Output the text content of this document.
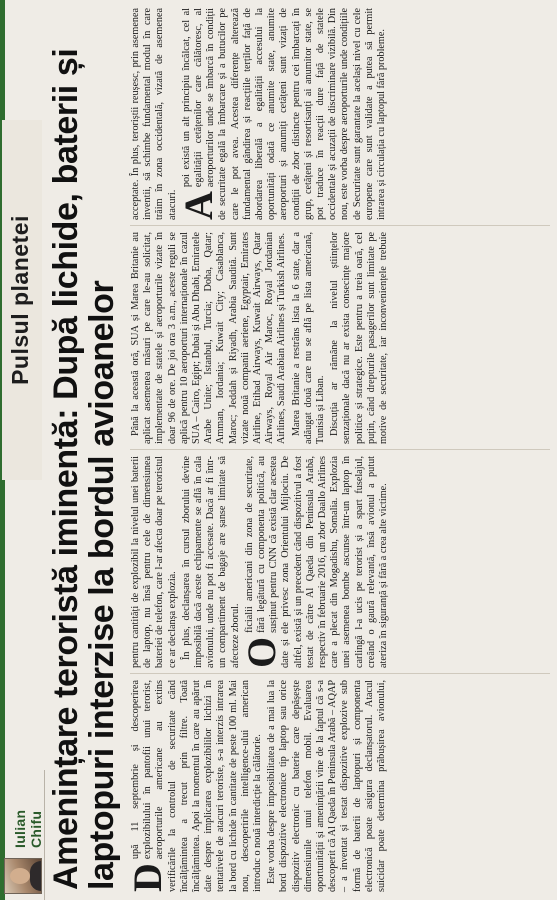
Iulian Chifu
Pulsul planetei Amenințare teroristă iminentă: După lichide, baterii și laptopuri interzise la bordul avioanelor D
upă 11 septembrie și descoperirea explozibilului în pantofii unui terorist, aeroporturile americane au extins verificările la controlul de securitate când încălțămintea a trecut prin filtre. Toată încălțămintea. Apoi la momentul în care au apărut date despre implicarea explozibililor lichizi în tentativele de atacuri teroriste, s-a interzis intrarea la bord cu lichide în cantitate de peste 100 ml. Mai nou, descoperirile intelligence-ului american introduc o nouă interdicție la călătorie. Este vorba despre imposibilitatea de a mai lua la bord dispozitive electronice tip laptop sau orice dispozitiv electronic cu baterie care depășește dimensiunile unui telefon mobil. Evaluarea oportunității și amenințării vine de la faptul că s-a descoperit că Al Qaeda în Peninsula Arabă – AQAP – a inventat și testat dispozitive explozive sub formă de baterii de laptopuri și componenta electronică poate asigura declanșatorul. Atacul suicidar poate determina prăbușirea avionului, pentru cantități de explozibil la nivelul unei baterii de laptop, nu însă pentru cele de dimensiunea bateriei de telefon, care l-ar afecta doar pe teroristul ce ar declanșa explozia. În plus, declanșarea în cursul zborului devine imposibilă dacă aceste echipamente se află în cala avionului, unde nu pot fi accesate. Dacă ar fi într-un compartiment de bagaje are șanse limitate să afecteze zborul.

O
ficialii americani din zona de securitate, fără legătură cu componenta politică, au susținut pentru CNN că există clar acestea date și ele privesc zona Orientului Mijlociu. De altfel, există și un precedent când dispozitivul a fost testat de către Al Qaeda din Peninsula Arabă, respectiv în februarie 2016, un zbor Daallo Airlines care a plecat din Mogadishu, Somalia. Explozia unei asemenea bombe ascunse într-un laptop în carlingă l-a ucis pe terorist și a spart fuselajul, creând o gaură relevantă, însă avionul a putut ateriza în siguranță și fără a crea alte victime.

Până la această oră, SUA și Marea Britanie au aplicat asemenea măsuri pe care le-au solicitat, implementate de statele și aeroporturile vizate în doar 96 de ore. De joi ora 3 a.m., aceste reguli se aplică pentru 10 aeroporturi internaționale în cazul SUA – Cairo, Egipt; Dubai și Abu Dhabi, Emiratele Arabe Unite; Istanbul, Turcia; Doha, Qatar; Amman, Iordania; Kuwait City; Casablanca, Maroc; Jeddah și Riyadh, Arabia Saudită. Sunt vizate nouă companii aeriene, Egyptair, Emirates Airline, Etihad Airways, Kuwait Airways, Qatar Airways, Royal Air Maroc, Royal Jordanian Airlines, Saudi Arabian Airlines și Turkish Airlines. Marea Britanie a restrâns lista la 6 state, dar a adăugat două care nu se află pe lista americană, Tunisia și Liban. Discuția ar rămâne la nivelul științelor senzaționale dacă nu ar exista consecințe majore politice și strategice. Este pentru a treia oară, cel puțin, când drepturile pasagerilor sunt limitate pe motive de securitate, iar inconveniențele trebuie acceptate. În plus, teroriștii reușesc, prin asemenea inventii, să schimbe fundamental modul în care trăim în zona occidentală, vizată de asemenea atacuri.

A
poi există un alt principiu încălcat, cel al egalității cetățenilor care călătoresc, al aeroporturilor unde se îmbarcă în condiții de securitate egală la îmbarcare și a butucilor pe care le pot avea. Acestea diferențe alterează fundamental gândirea și reacțiile terților față de abordarea liberală a egalității accesului la oportunități odată ce anumite state, anumite aeroporturi și anumiți cetățeni sunt vizați de condiții de zbor distincte pentru cei îmbarcați în grup, cetățeni și resortisanți ai anumitor state, se pot traduce în reacții dure față de statele occidentale și acuzații de discriminare vizibilă. Din nou, este vorba despre aeroporturile unde condițiile de Securitate sunt garantate la același nivel cu cele europene care sunt validate a putea să permit intrarea și circulația cu laptopul fără probleme.
